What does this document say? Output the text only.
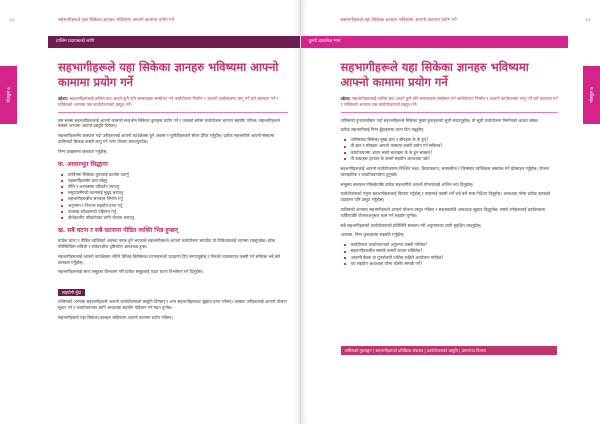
९०	सहभागीहरूले यहा सिकेका ज्ञानहरु भविष्यमा आफ्नो कामामा प्रयोग गर्ने
तालिम प्रदायकको लागि
मोड्युल ७
सहभागीहरूले यहा सिकेका ज्ञानहरु भविष्यमा आफ्नो कामामा प्रयोग गर्ने
उद्देश्य: सहभागीहरूलाई तालिम बाट आउने कुनै पनि समस्याहरू सम्बोधन गर्न कार्ययोजना निर्माण र आफ्नो कार्यस्थलमा लागू गर्ने बारे छलफल गर्न र तालिमको अन्त्यमा यस कार्ययोजनाको प्रस्तुत गर्ने।

यस सत्रमा सहभागीहरूलाई आफ्नो कामको सन्दर्भमा सिकेका कुराहरू प्रयोग गर्न र त्यसको बारेमा कार्ययोजना बनाउन सहयोग गरिन्छ। सहभागीहरूले सत्रको अन्त्यमा आफ्नो प्रस्तुति दिनेछन्।

सहभागीहरूसँग छलफल गर्दा उनीहरूलाई आफ्नो कार्यक्षेत्रमा हुने अवसर र चुनौतीहरूबारे सोच्न प्रेरित गर्नुहोस्। प्रत्येक सहभागीले आफ्नो संस्थामा तालिमको सिकाइ कसरी लागू गर्ने भनेर योजना बनाउनुपर्दछ।

निम्न प्रश्नहरूमा छलफल गर्नुहोस्:

क. आधारभूत सिद्धान्त
तालिममा सिकेका कुरालाई कार्यमा उतार्नु
सहकर्मीहरूसँग ज्ञान बाँड्नु
नीति र अभ्यासमा परिवर्तन ल्याउनु
समुदायसँगको कामलाई सुदृढ बनाउनु
सहभागीहरूबीच सञ्जाल निर्माण गर्नु
अनुगमन र निरन्तर सहयोग प्राप्त गर्नु
उपलब्ध स्रोतहरूको पहिचान गर्नु
दीर्घकालीन परिवर्तनका लागि योजना बनाउनु
ख. सबै घटना र सबै घटनामा पीडित व्यक्ति भिन्न हुन्छन्

प्रत्येक घटना र पीडित व्यक्तिको अवस्था फरक हुने भएकाले सहभागीहरूले आफ्नो कार्ययोजना बनाउँदा यो विविधतालाई ध्यानमा राख्नुपर्दछ। हरेक परिस्थितिमा लचिलो र संवेदनशील दृष्टिकोण आवश्यक हुन्छ।

सहभागीहरूलाई आफ्नो कार्यक्षेत्रमा भेटिने विभिन्न किसिमका घटनाहरूको उदाहरण दिन लगाउनुहोस् र तिनको व्यवस्थापन कसरी गर्न सकिन्छ भन्ने बारे छलफल गर्नुहोस्।

सहभागीहरूलाई साना समूहमा विभाजन गरी प्रत्येक समूहलाई एउटा घटना विश्लेषण गर्न दिनुहोस्।

सहयोगी बुँदा

तालिमको अन्त्यमा सहभागीहरूले आफ्नो कार्ययोजनाको प्रस्तुति दिनेछन् र अन्य सहभागीहरूबाट सुझाव प्राप्त गर्नेछन्। यसबाट उनीहरूलाई आफ्नो योजना सुधार गर्न र कार्यान्वयनका लागि आवश्यक सहयोग पहिचान गर्न मद्दत पुग्नेछ।

सहभागीहरूले यहा सिकेका ज्ञानहरु भविष्यमा आफ्नो कामामा प्रयोग गर्नेछन्।

९१
सहभागीहरूले यहा सिकेका ज्ञानहरु भविष्यमा आफ्नो कामामा प्रयोग गर्ने
तुल्यो दस्ताबेज भाग
मोड्युल ७
सहभागीहरूले यहा सिकेका ज्ञानहरु भविष्यमा आफ्नो कामामा प्रयोग गर्ने
उद्देश्य: सहभागीहरूलाई तालिम बाट आउने कुनै पनि समस्याहरू सम्बोधन गर्न कार्ययोजना निर्माण र आफ्नो कार्यस्थलमा लागू गर्ने बारे छलफल गर्न र तालिमको अन्त्यमा यस कार्ययोजनाको प्रस्तुत गर्ने।

तालिमको पुनरावलोकन गर्दा सहभागीहरूले सिकेका मुख्य कुराहरूको सूची बनाउनुहोस्। यो सूची कार्ययोजना निर्माणको आधार बन्नेछ।

प्रत्येक सहभागीलाई निम्न बुँदाहरूमा ध्यान दिन भन्नुहोस्:

तालिमबाट सिकेका मुख्य ज्ञान र सीपहरू के के हुन्?
ती ज्ञान र सीपहरू आफ्नो कामामा कसरी प्रयोग गर्न सकिन्छ?
कार्यान्वयनमा आउन सक्ने बाधाहरू के के हुन सक्छन्?
ती बाधाहरू हटाउन के कस्तो सहयोग आवश्यक पर्छ?

सहभागीहरूलाई आफ्नो कार्ययोजनामा निश्चित लक्ष्य, क्रियाकलाप, समयसीमा र जिम्मेवार व्यक्तिहरू समावेश गर्न प्रोत्साहन गर्नुहोस्। योजना व्यावहारिक र कार्यान्वयनयोग्य हुनुपर्छ।

समूहमा छलफल गरिसकेपछि प्रत्येक सहभागीले आफ्नो योजनालाई अन्तिम रूप दिनुहोस्।

कार्ययोजनाको नमूना सहभागीहरूलाई वितरण गर्नुहोस् र त्यसलाई कसरी भर्ने भन्ने बारे स्पष्ट निर्देशन दिनुहोस्। आवश्यक परेमा प्रत्येक खण्डको उदाहरण पनि प्रस्तुत गर्नुहोस्।

तालिमको अन्त्यमा सहभागीहरूले आफ्नो योजना प्रस्तुत गर्नेछन् र सहजकर्ताले आवश्यक सुझाव दिनुहुनेछ। यसले उनीहरूलाई कार्यस्थलमा फर्किएपछि योजनाअनुसार काम गर्न सहयोग पुग्नेछ।

सबै सहभागीहरूको कार्ययोजनाको प्रतिलिपि संकलन गरी अनुगमनका लागि सुरक्षित राख्नुहोस्।

अन्त्यमा, निम्न कुराहरूमा सहमति गर्नुहोस्:

कार्ययोजना कार्यान्वयनको अनुगमन कसरी गरिनेछ?
सहभागीहरूबीच सम्पर्क कसरी कायम राखिनेछ?
आगामी बैठक वा पुनर्ताजगी तालिम कहिले आयोजना गरिनेछ?
थप सहयोग आवश्यक परेमा कोसँग सम्पर्क गर्ने?
तालिमको मूल्याङ्कन | सहभागीहरूको प्रतिक्रिया संकलन | कार्ययोजनाको प्रस्तुति | प्रमाणपत्र वितरण
